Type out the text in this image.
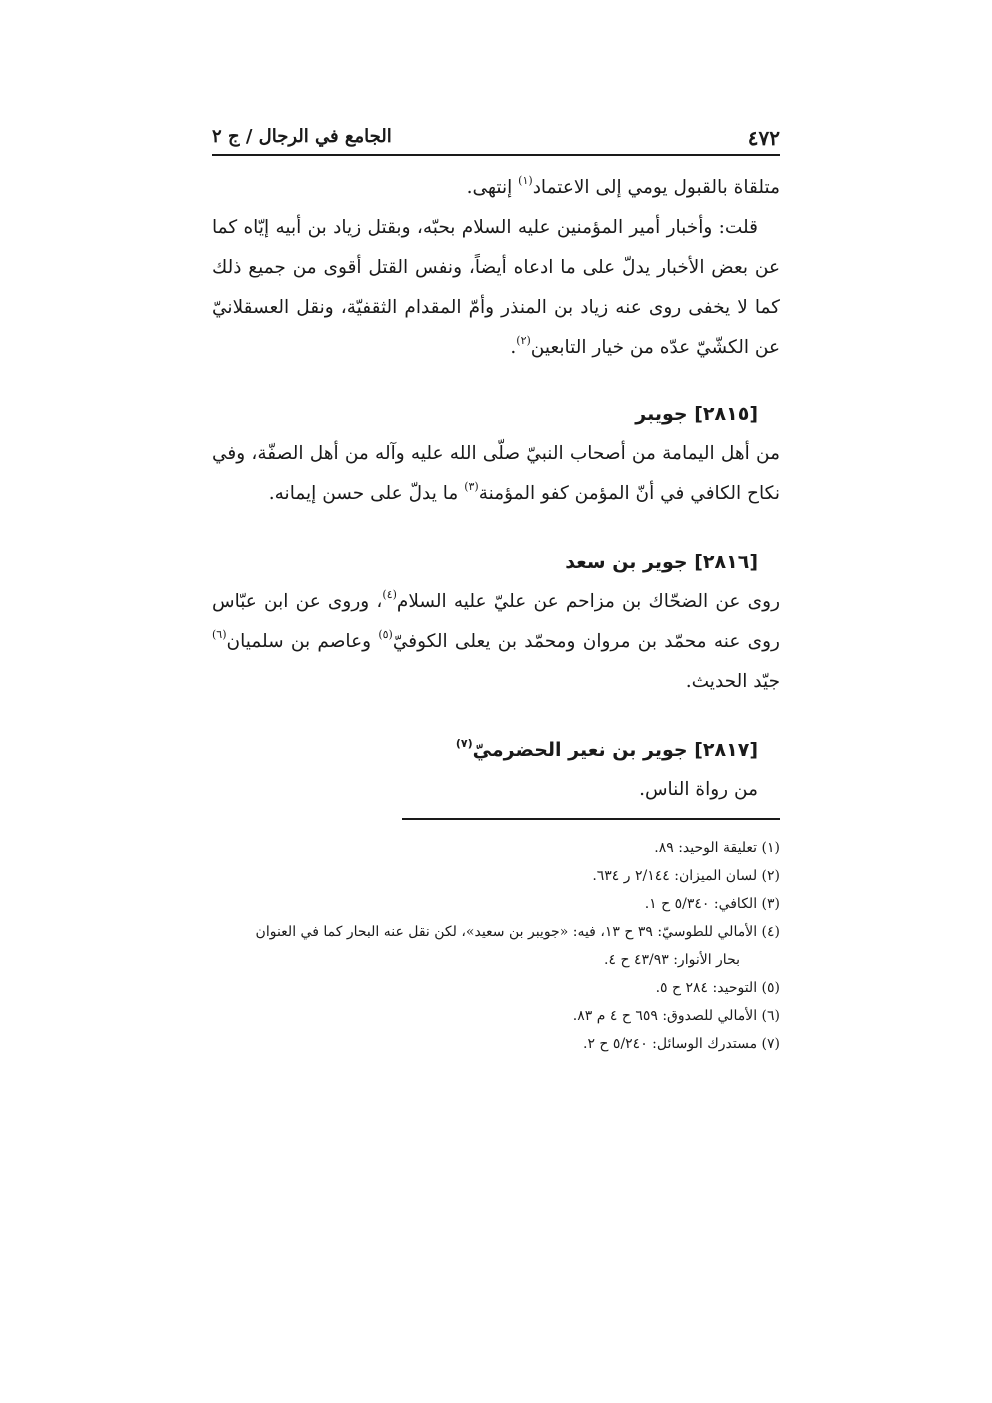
٤٧٢
الجامع في الرجال / ج ٢

متلقاة بالقبول يومي إلى الاعتماد$^{(١)}$ إنتهى.

قلت: وأخبار أمير المؤمنين عليه السلام بحبّه، وبقتل زياد بن أبيه إيّاه كما عن بعض الأخبار يدلّ على ما ادعاه أيضاً، ونفس القتل أقوى من جميع ذلك كما لا يخفى روى عنه زياد بن المنذر وأمّ المقدام الثقفيّة، ونقل العسقلانيّ عن الكشّيّ عدّه من خيار التابعين$^{(٢)}$.

[٢٨١٥] جويبر

من أهل اليمامة من أصحاب النبيّ صلّى الله عليه وآله من أهل الصفّة، وفي نكاح الكافي في أنّ المؤمن كفو المؤمنة$^{(٣)}$ ما يدلّ على حسن إيمانه.

[٢٨١٦] جوير بن سعد

روى عن الضحّاك بن مزاحم عن عليّ عليه السلام$^{(٤)}$، وروى عن ابن عبّاس روى عنه محمّد بن مروان ومحمّد بن يعلى الكوفيّ$^{(٥)}$ وعاصم بن سلميان$^{(٦)}$ جيّد الحديث.

[٢٨١٧] جوير بن نعير الحضرميّ$^{(٧)}$

من رواة الناس.

(١) تعليقة الوحيد: ٨٩.
(٢) لسان الميزان: ٢/١٤٤ ر ٦٣٤.
(٣) الكافي: ٥/٣٤٠ ح ١.
(٤) الأمالي للطوسيّ: ٣٩ ح ١٣، فيه: «جويبر بن سعيد»، لكن نقل عنه البحار كما في العنوان
بحار الأنوار: ٤٣/٩٣ ح ٤.
(٥) التوحيد: ٢٨٤ ح ٥.
(٦) الأمالي للصدوق: ٦٥٩ ح ٤ م ٨٣.
(٧) مستدرك الوسائل: ٥/٢٤٠ ح ٢.
